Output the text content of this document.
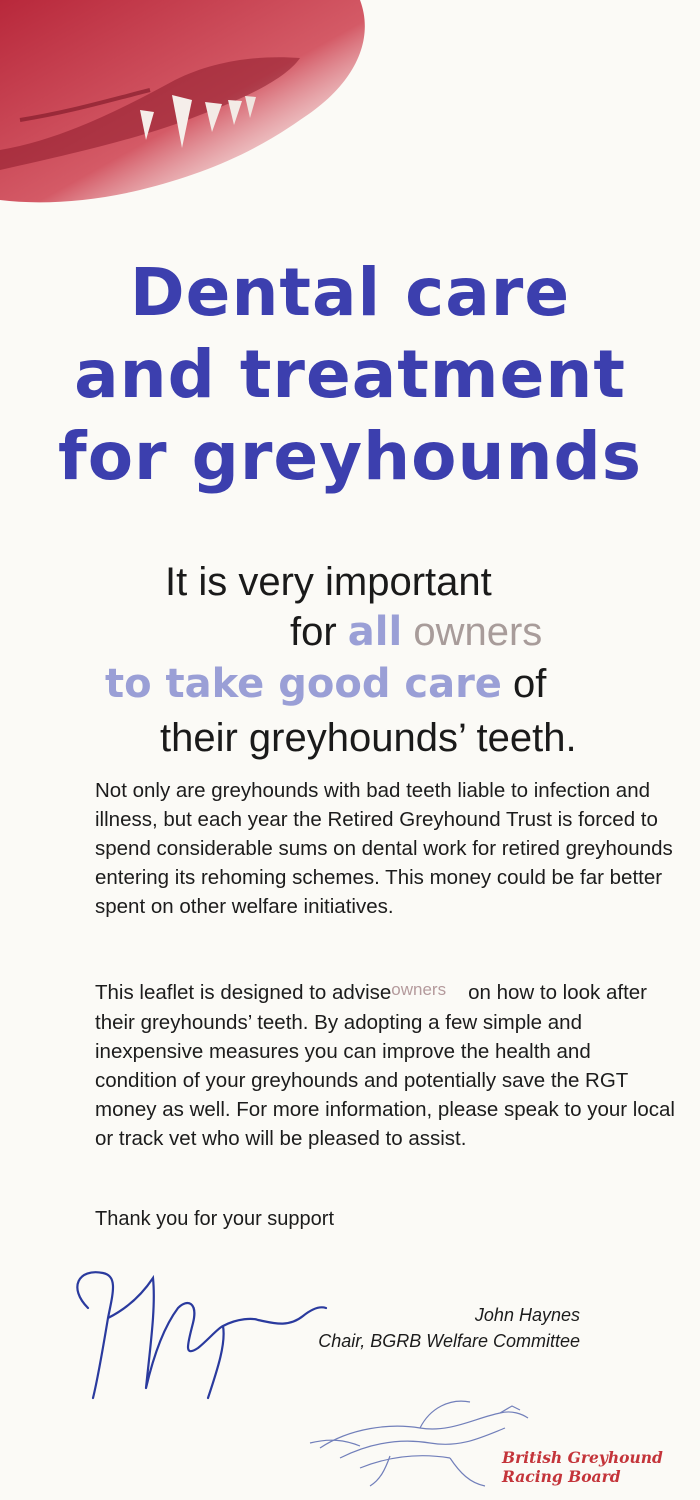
Dental care
and treatment
for greyhounds
It is very important
for all owners
to take good care of
their greyhounds’ teeth.

Not only are greyhounds with bad teeth liable to infection and illness, but each year the Retired Greyhound Trust is forced to spend considerable sums on dental work for retired greyhounds entering its rehoming schemes. This money could be far better spent on other welfare initiatives.

This leaflet is designed to adviseowners on how to look after their greyhounds’ teeth. By adopting a few simple and inexpensive measures you can improve the health and condition of your greyhounds and potentially save the RGT money as well. For more information, please speak to your local or track vet who will be pleased to assist.

Thank you for your support

John Haynes
Chair, BGRB Welfare Committee
British Greyhound
Racing Board
